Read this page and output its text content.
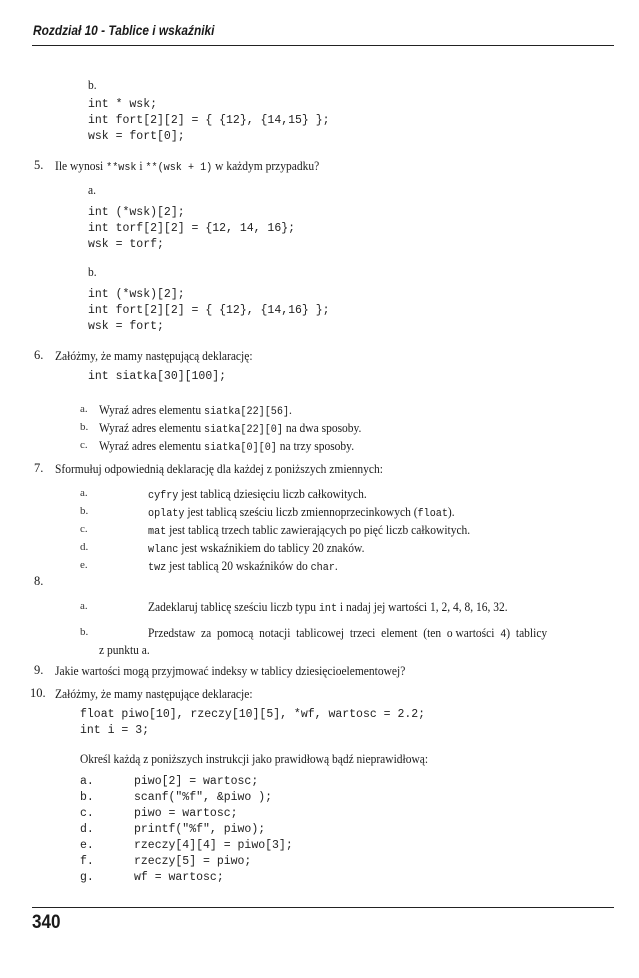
Rozdział 10 - Tablice i wskaźniki
b.
int * wsk;
int fort[2][2] = { {12}, {14,15} };
wsk = fort[0];
5. Ile wynosi **wsk i **(wsk + 1) w każdym przypadku?
a.
int (*wsk)[2];
int torf[2][2] = {12, 14, 16};
wsk = torf;
b.
int (*wsk)[2];
int fort[2][2] = { {12}, {14,16} };
wsk = fort;
6. Załóżmy, że mamy następującą deklarację:
int siatka[30][100];
a. Wyraź adres elementu siatka[22][56].
b. Wyraź adres elementu siatka[22][0] na dwa sposoby.
c. Wyraź adres elementu siatka[0][0] na trzy sposoby.
7. Sformułuj odpowiednią deklarację dla każdej z poniższych zmiennych:
a.	cyfry jest tablicą dziesięciu liczb całkowitych.
b.	oplaty jest tablicą sześciu liczb zmiennoprzecinkowych (float).
c.	mat jest tablicą trzech tablic zawierających po pięć liczb całkowitych.
d.	wlanc jest wskaźnikiem do tablicy 20 znaków.
e.	twz jest tablicą 20 wskaźników do char.
8.
a.	Zadeklaruj tablicę sześciu liczb typu int i nadaj jej wartości 1, 2, 4, 8, 16, 32.
b.	Przedstaw  za  pomocą  notacji  tablicowej  trzeci  element  (ten  o wartości  4)  tablicy
z punktu a.
9. Jakie wartości mogą przyjmować indeksy w tablicy dziesięcioelementowej?
10. Załóżmy, że mamy następujące deklaracje:
float piwo[10], rzeczy[10][5], *wf, wartosc = 2.2;
int i = 3;
Określ każdą z poniższych instrukcji jako prawidłową bądź nieprawidłową:
a.	piwo[2] = wartosc;
b.	scanf("%f", &piwo );
c.	piwo = wartosc;
d.	printf("%f", piwo);
e.	rzeczy[4][4] = piwo[3];
f.	rzeczy[5] = piwo;
g.	wf = wartosc;
340
